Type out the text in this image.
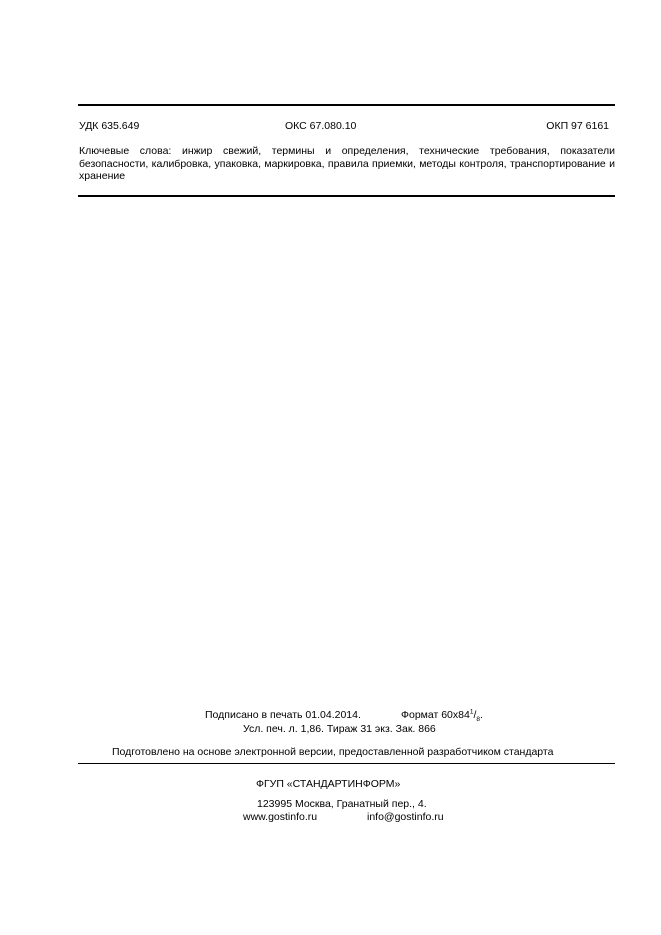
УДК 635.649	ОКС 67.080.10	ОКП 97 6161
Ключевые слова: инжир свежий, термины и определения, технические требования, показатели безопасности, калибровка, упаковка, маркировка, правила приемки, методы контроля, транспортирование и хранение
Подписано в печать 01.04.2014.	Формат $60x84^1/_8$.
Усл. печ. л. 1,86. Тираж 31 экз. Зак. 866
Подготовлено на основе электронной версии, предоставленной разработчиком стандарта
ФГУП «СТАНДАРТИНФОРМ»
123995 Москва, Гранатный пер., 4.
www.gostinfo.ru	info@gostinfo.ru
